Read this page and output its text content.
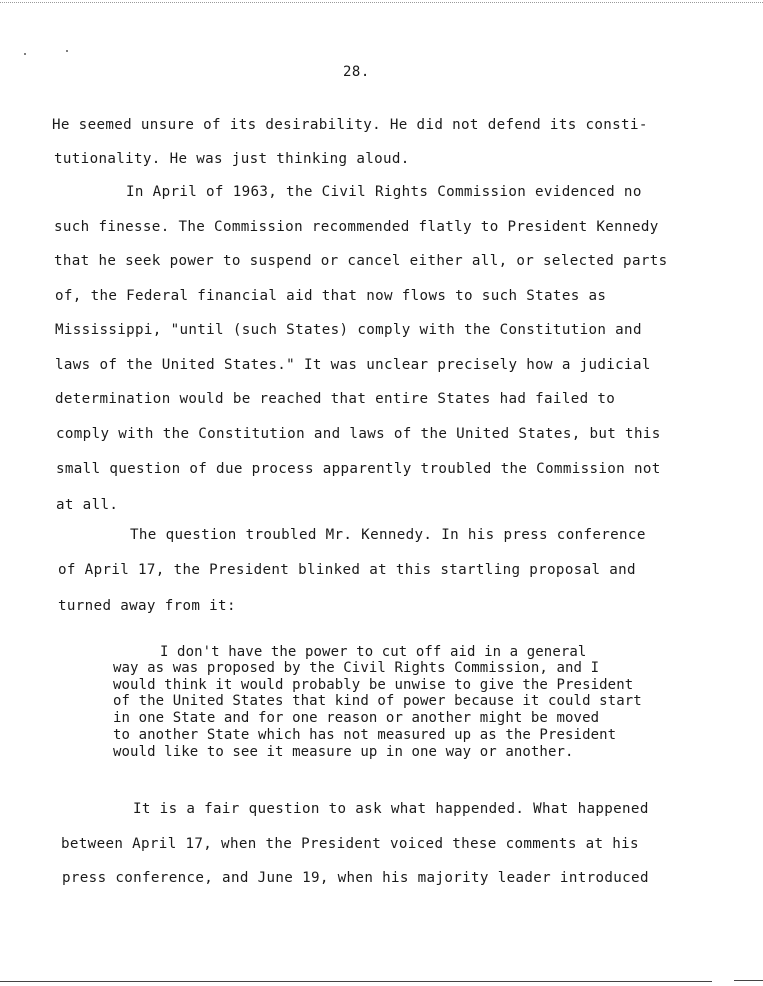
28.
He seemed unsure of its desirability. He did not defend its consti-
tutionality. He was just thinking aloud.
In April of 1963, the Civil Rights Commission evidenced no
such finesse. The Commission recommended flatly to President Kennedy
that he seek power to suspend or cancel either all, or selected parts
of, the Federal financial aid that now flows to such States as
Mississippi, "until (such States) comply with the Constitution and
laws of the United States." It was unclear precisely how a judicial
determination would be reached that entire States had failed to
comply with the Constitution and laws of the United States, but this
small question of due process apparently troubled the Commission not
at all.
The question troubled Mr. Kennedy. In his press conference
of April 17, the President blinked at this startling proposal and
turned away from it:
I don't have the power to cut off aid in a general
way as was proposed by the Civil Rights Commission, and I
would think it would probably be unwise to give the President
of the United States that kind of power because it could start
in one State and for one reason or another might be moved
to another State which has not measured up as the President
would like to see it measure up in one way or another.
It is a fair question to ask what happended. What happened
between April 17, when the President voiced these comments at his
press conference, and June 19, when his majority leader introduced
